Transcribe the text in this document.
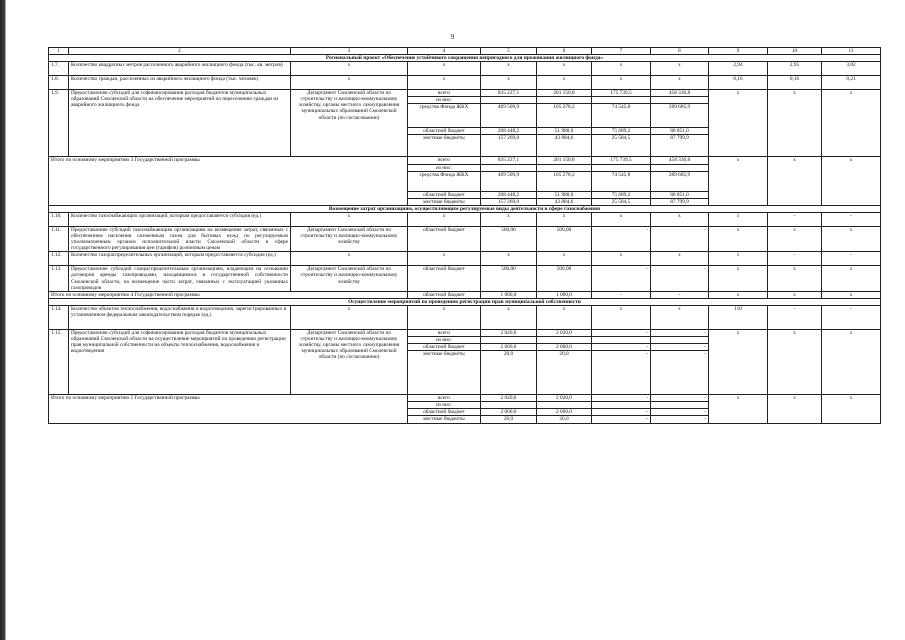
9
1	2	3	4	5	6	7	8	9	10	11
Региональный проект «Обеспечение устойчивого сокращения непригодного для проживания жилищного фонда»										
1.7.	Количество квадратных метров расселенного аварийного жилищного фонда (тыс. кв. метров)	х	х	х	х	х	х	2,94	2,95	3,82
1.8.	Количество граждан, расселенных из аварийного жилищного фонда (тыс. человек)	х	х	х	х	х	х	0,16	0,16	0,21
1.9.	Предоставление субсидий для софинансирования расходов бюджетов муниципальных образований Смоленской области на обеспечение мероприятий по переселению граждан из аварийного жилищного фонда	Департамент Смоленской области по строительству и жилищно-коммунальному хозяйству, органы местного самоуправления муниципальных образований Смоленской области (по согласованию)	всего	835 227,1	201 150,8	175 739,5	458 336,8	х	х	х
			из них:							
			средства Фонда ЖКХ	469 509,9	105 278,2	74 545,8	289 685,9			
			областной бюджет	208 448,2	51 988,0	75 609,2	80 851,0			
			местные бюджеты	157 269,0	43 884,6	25 584,5	87 799,9			
Итого по основному мероприятию 3 Государственной программы			всего	835 227,1	201 150,8	175 739,5	458 336,8	х	х	х
			из них:							
			средства Фонда ЖКХ	469 509,9	105 278,2	74 545,8	289 685,9			
			областной бюджет	208 448,2	51 988,0	75 609,2	80 851,0			
			местные бюджеты	157 269,0	43 884,6	25 584,5	87 799,9			
Возмещение затрат организациям, осуществляющим регулируемые виды деятельности в сфере газоснабжения										
1.10.	Количество газоснабжающих организаций, которым предоставляется субсидия (ед.)	х	х	х	х	х	х	1	-	-
1.11.	Предоставление субсидий газоснабжающим организациям на возмещение затрат, связанных с обеспечением населения сжиженным газом для бытовых нужд по регулируемым уполномоченным органом исполнительной власти Смоленской области в сфере государственного регулирования цен (тарифов) розничным ценам	Департамент Смоленской области по строительству и жилищно-коммунальному хозяйству	областной бюджет	500,00	500,00	-	-	х	х	х
1.12.	Количество газораспределительных организаций, которым предоставляется субсидия (ед.)	х	х	х	х	х	х	1	-	-
1.13.	Предоставление субсидий газораспределительным организациям, владеющим на основании договоров аренды газопроводами, находящимися в государственной собственности Смоленской области, на возмещение части затрат, связанных с эксплуатацией указанных газопроводов	Департамент Смоленской области по строительству и жилищно-коммунальному хозяйству	областной бюджет	500,00	500,00	-	-	х	х	х
Итого по основному мероприятию 4 Государственной программы			областной бюджет	1 000,0	1 000,0	-	-	х	х	х
Осуществление мероприятий по проведению регистрации прав муниципальной собственности										
1.14.	Количество объектов теплоснабжения, водоснабжения и водоотведения, зарегистрированных в установленном федеральным законодательством порядке (ед.)	х	х	х	х	х	х	110	-	-
1.15.	Предоставление субсидий для софинансирования расходов бюджетов муниципальных образований Смоленской области на осуществление мероприятий по проведению регистрации прав муниципальной собственности на объекты теплоснабжения, водоснабжения и водоотведения	Департамент Смоленской области по строительству и жилищно-коммунальному хозяйству, органы местного самоуправления муниципальных образований Смоленской области (по согласованию)	всего	2 020,0	2 020,0	-	-	х	х	х
			из них:							
			областной бюджет	2 000,0	2 000,0	-	-			
			местные бюджеты	20,0	20,0	-	-			
Итого по основному мероприятию 5 Государственной программы			всего	2 020,0	2 020,0	-	-	х	х	х
			из них:							
			областной бюджет	2 000,0	2 000,0	-	-			
			местные бюджеты	20,0	20,0	-	-			
